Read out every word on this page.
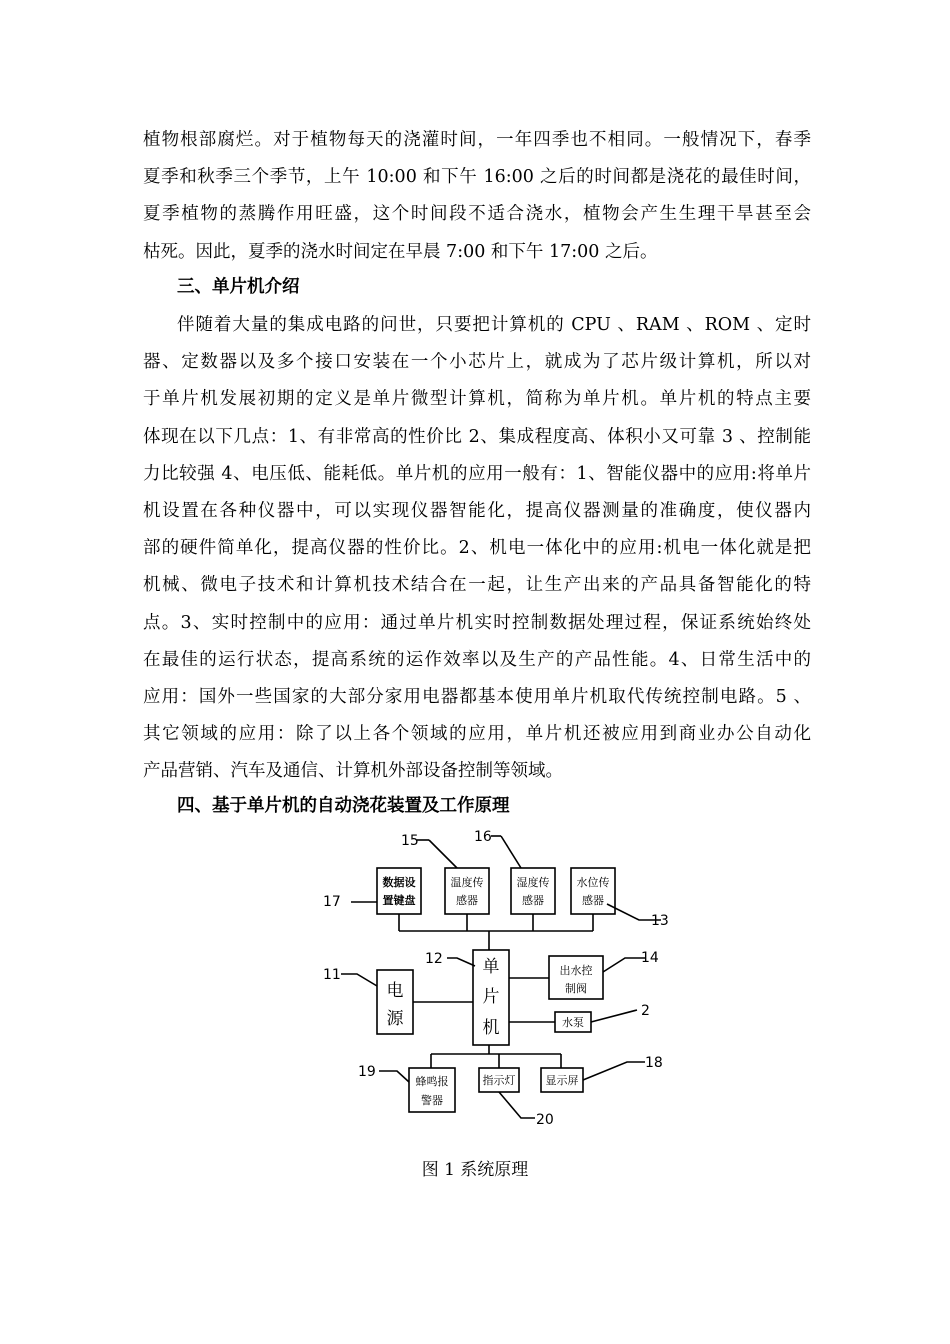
植物根部腐烂。对于植物每天的浇灌时间，一年四季也不相同。一般情况下，春季
夏季和秋季三个季节，上午 10:00 和下午 16:00 之后的时间都是浇花的最佳时间，
夏季植物的蒸腾作用旺盛，这个时间段不适合浇水，植物会产生生理干旱甚至会
枯死。因此，夏季的浇水时间定在早晨 7:00 和下午 17:00 之后。
三、单片机介绍
伴随着大量的集成电路的问世，只要把计算机的 CPU 、RAM 、ROM 、定时
器、定数器以及多个接口安装在一个小芯片上，就成为了芯片级计算机，所以对
于单片机发展初期的定义是单片微型计算机，简称为单片机。单片机的特点主要
体现在以下几点：1、有非常高的性价比 2、集成程度高、体积小又可靠 3 、控制能
力比较强 4、电压低、能耗低。单片机的应用一般有：1、智能仪器中的应用:将单片
机设置在各种仪器中，可以实现仪器智能化，提高仪器测量的准确度，使仪器内
部的硬件简单化，提高仪器的性价比。2、机电一体化中的应用:机电一体化就是把
机械、微电子技术和计算机技术结合在一起，让生产出来的产品具备智能化的特
点。3、实时控制中的应用：通过单片机实时控制数据处理过程，保证系统始终处
在最佳的运行状态，提高系统的运作效率以及生产的产品性能。4、日常生活中的
应用：国外一些国家的大部分家用电器都基本使用单片机取代传统控制电路。5 、
其它领域的应用：除了以上各个领域的应用，单片机还被应用到商业办公自动化
产品营销、汽车及通信、计算机外部设备控制等领域。
四、基于单片机的自动浇花装置及工作原理
数据设
置键盘
温度传
感器
湿度传
感器
水位传
感器
电
源
单
片
机
出水控
制阀
水泵
蜂鸣报
警器
指示灯	显示屏
17
15	16
13
11
12	14
2
19
18
20
图 1 系统原理
